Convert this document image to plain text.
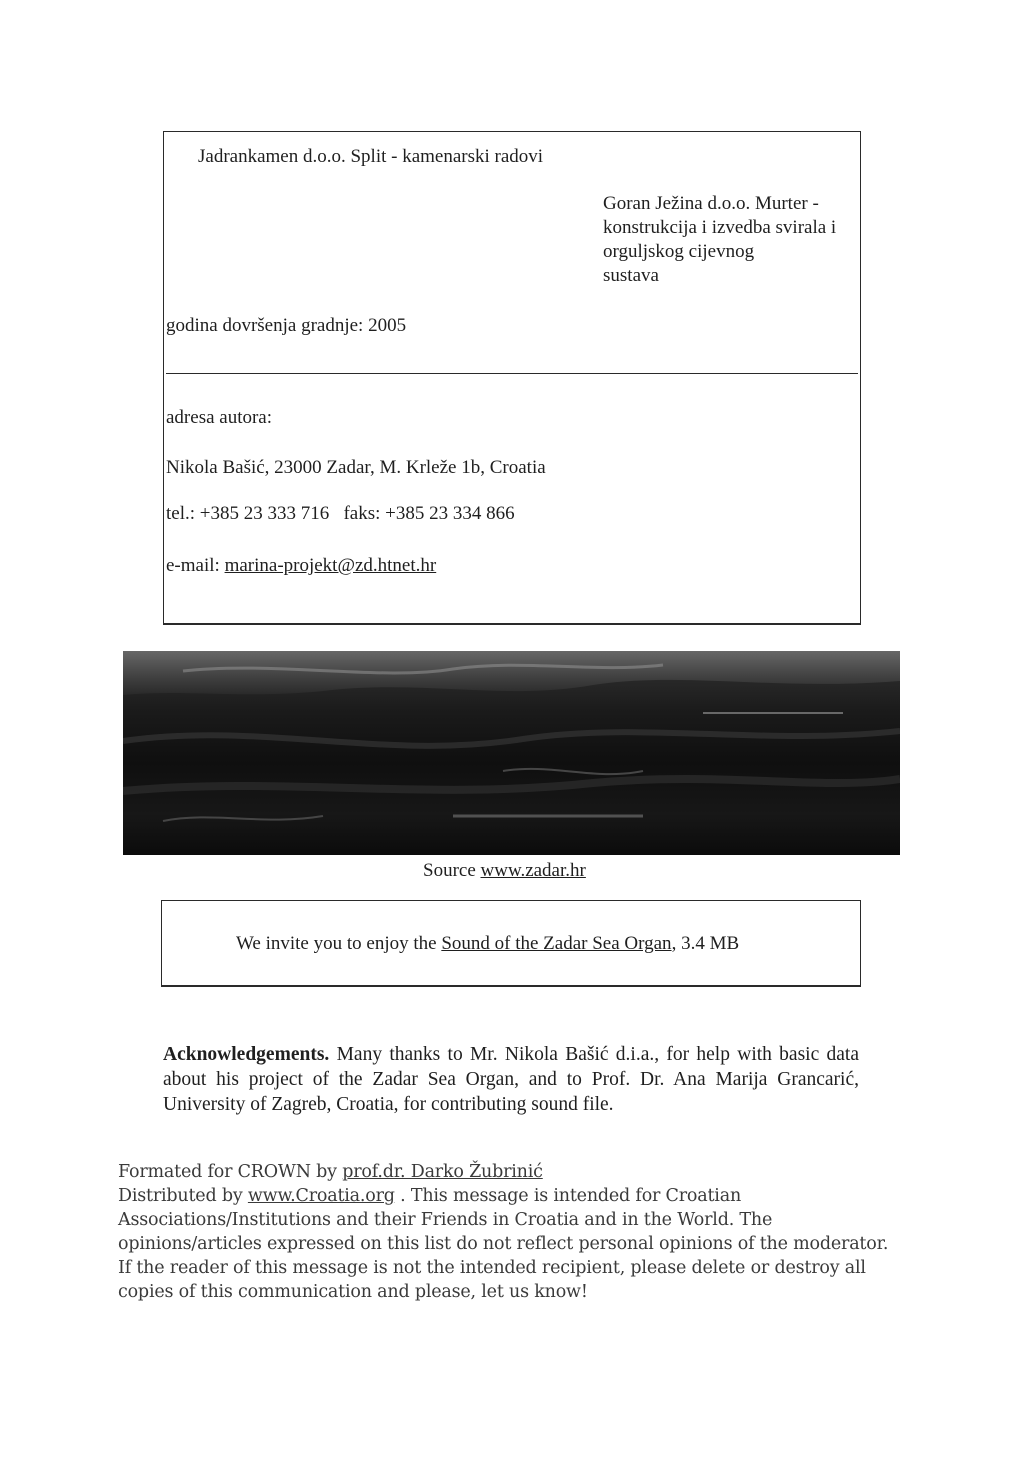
Jadrankamen d.o.o. Split - kamenarski radovi
Goran Ježina d.o.o. Murter -
konstrukcija i izvedba svirala i
orguljskog cijevnog
sustava
godina dovršenja gradnje: 2005
adresa autora:
Nikola Bašić, 23000 Zadar, M. Krleže 1b, Croatia
tel.: +385 23 333 716   faks: +385 23 334 866
e-mail: marina-projekt@zd.htnet.hr
Source www.zadar.hr
We invite you to enjoy the Sound of the Zadar Sea Organ, 3.4 MB
Acknowledgements. Many thanks to Mr. Nikola Bašić d.i.a., for help with basic data about his project of the Zadar Sea Organ, and to Prof. Dr. Ana Marija Grancarić, University of Zagreb, Croatia, for contributing sound file.
Formated for CROWN by prof.dr. Darko Žubrinić
Distributed by www.Croatia.org . This message is intended for Croatian Associations/Institutions and their Friends in Croatia and in the World. The opinions/articles expressed on this list do not reflect personal opinions of the moderator. If the reader of this message is not the intended recipient, please delete or destroy all copies of this communication and please, let us know!
